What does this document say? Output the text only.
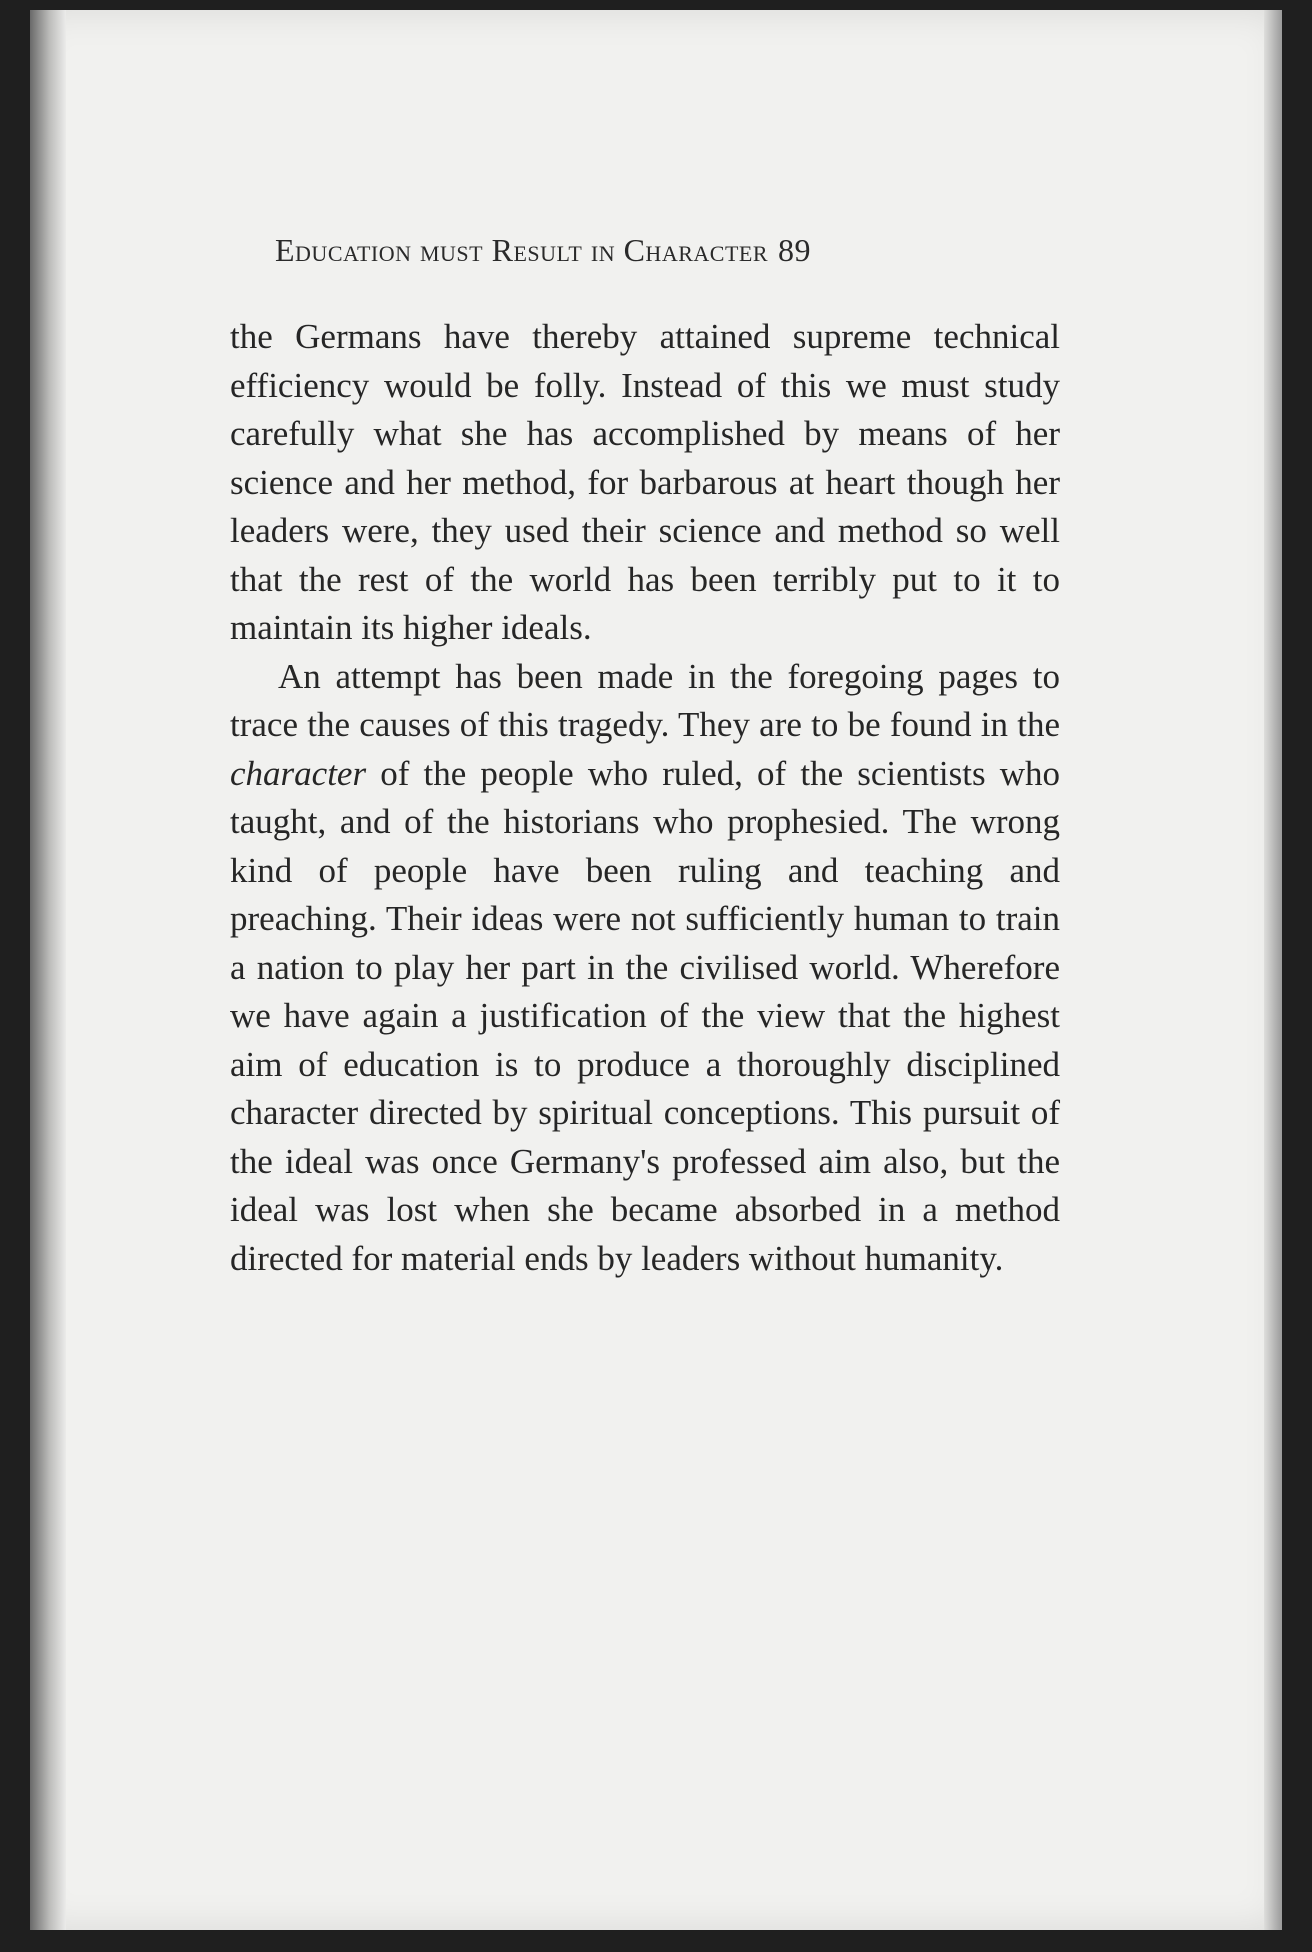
Education must Result in Character 89

the Germans have thereby attained supreme technical efficiency would be folly. Instead of this we must study carefully what she has accomplished by means of her science and her method, for barbarous at heart though her leaders were, they used their science and method so well that the rest of the world has been terribly put to it to maintain its higher ideals.

An attempt has been made in the foregoing pages to trace the causes of this tragedy. They are to be found in the character of the people who ruled, of the scientists who taught, and of the historians who prophesied. The wrong kind of people have been ruling and teaching and preaching. Their ideas were not sufficiently human to train a nation to play her part in the civilised world. Wherefore we have again a justification of the view that the highest aim of education is to produce a thoroughly disciplined character directed by spiritual conceptions. This pursuit of the ideal was once Germany's professed aim also, but the ideal was lost when she became absorbed in a method directed for material ends by leaders without humanity.
